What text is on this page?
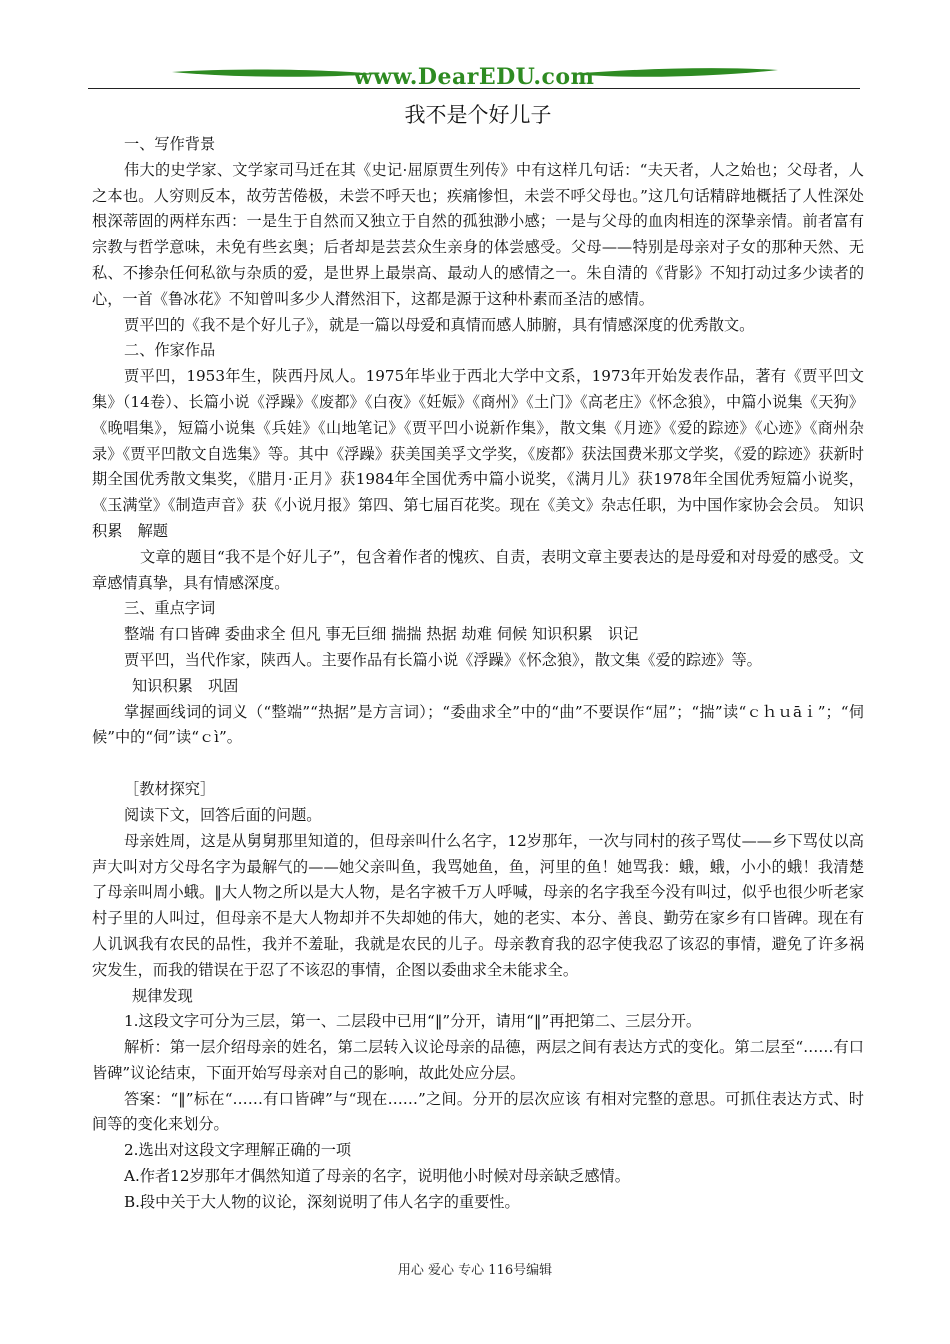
www.DearEDU.com
我不是个好儿子

一、写作背景

伟大的史学家、文学家司马迁在其《史记·屈原贾生列传》中有这样几句话：“夫天者，人之始也；父母者，人之本也。人穷则反本，故劳苦倦极，未尝不呼天也；疾痛惨怛，未尝不呼父母也。”这几句话精辟地概括了人性深处根深蒂固的两样东西：一是生于自然而又独立于自然的孤独渺小感；一是与父母的血肉相连的深挚亲情。前者富有宗教与哲学意味，未免有些玄奥；后者却是芸芸众生亲身的体尝感受。父母——特别是母亲对子女的那种天然、无私、不掺杂任何私欲与杂质的爱，是世界上最崇高、最动人的感情之一。朱自清的《背影》不知打动过多少读者的心，一首《鲁冰花》不知曾叫多少人潸然泪下，这都是源于这种朴素而圣洁的感情。

贾平凹的《我不是个好儿子》，就是一篇以母爱和真情而感人肺腑，具有情感深度的优秀散文。

二、作家作品

贾平凹，1953年生，陕西丹凤人。1975年毕业于西北大学中文系，1973年开始发表作品，著有《贾平凹文集》（14卷）、长篇小说《浮躁》《废都》《白夜》《妊娠》《商州》《土门》《高老庄》《怀念狼》，中篇小说集《天狗》《晚唱集》，短篇小说集《兵娃》《山地笔记》《贾平凹小说新作集》，散文集《月迹》《爱的踪迹》《心迹》《商州杂录》《贾平凹散文自选集》等。其中《浮躁》获美国美孚文学奖，《废都》获法国费米那文学奖，《爱的踪迹》获新时期全国优秀散文集奖，《腊月·正月》获1984年全国优秀中篇小说奖，《满月儿》获1978年全国优秀短篇小说奖，《玉满堂》《制造声音》获《小说月报》第四、第七届百花奖。现在《美文》杂志任职，为中国作家协会会员。 知识积累　解题

文章的题目“我不是个好儿子”，包含着作者的愧疚、自责，表明文章主要表达的是母爱和对母爱的感受。文章感情真挚，具有情感深度。

三、重点字词

整端 有口皆碑 委曲求全 但凡 事无巨细 揣揣 热据 劫难 伺候 知识积累　识记

贾平凹，当代作家，陕西人。主要作品有长篇小说《浮躁》《怀念狼》，散文集《爱的踪迹》等。

知识积累　巩固

掌握画线词的词义（“整端”“热据”是方言词）；“委曲求全”中的“曲”不要误作“屈”；“揣”读“ｃｈｕāｉ”；“伺候”中的“伺”读“ｃì”。

［教材探究］

阅读下文，回答后面的问题。

母亲姓周，这是从舅舅那里知道的，但母亲叫什么名字，12岁那年，一次与同村的孩子骂仗——乡下骂仗以高声大叫对方父母名字为最解气的——她父亲叫鱼，我骂她鱼，鱼，河里的鱼！她骂我：蛾，蛾，小小的蛾！我清楚了母亲叫周小蛾。‖大人物之所以是大人物，是名字被千万人呼喊，母亲的名字我至今没有叫过，似乎也很少听老家村子里的人叫过，但母亲不是大人物却并不失却她的伟大，她的老实、本分、善良、勤劳在家乡有口皆碑。现在有人讥讽我有农民的品性，我并不羞耻，我就是农民的儿子。母亲教育我的忍字使我忍了该忍的事情，避免了许多祸灾发生，而我的错误在于忍了不该忍的事情，企图以委曲求全未能求全。

规律发现

1.这段文字可分为三层，第一、二层段中已用“‖”分开，请用“‖”再把第二、三层分开。

解析：第一层介绍母亲的姓名，第二层转入议论母亲的品德，两层之间有表达方式的变化。第二层至“……有口皆碑”议论结束，下面开始写母亲对自己的影响，故此处应分层。

答案：“‖”标在“……有口皆碑”与“现在……”之间。分开的层次应该 有相对完整的意思。可抓住表达方式、时间等的变化来划分。

2.选出对这段文字理解正确的一项

A.作者12岁那年才偶然知道了母亲的名字，说明他小时候对母亲缺乏感情。

B.段中关于大人物的议论，深刻说明了伟人名字的重要性。

用心 爱心 专心 116号编辑
